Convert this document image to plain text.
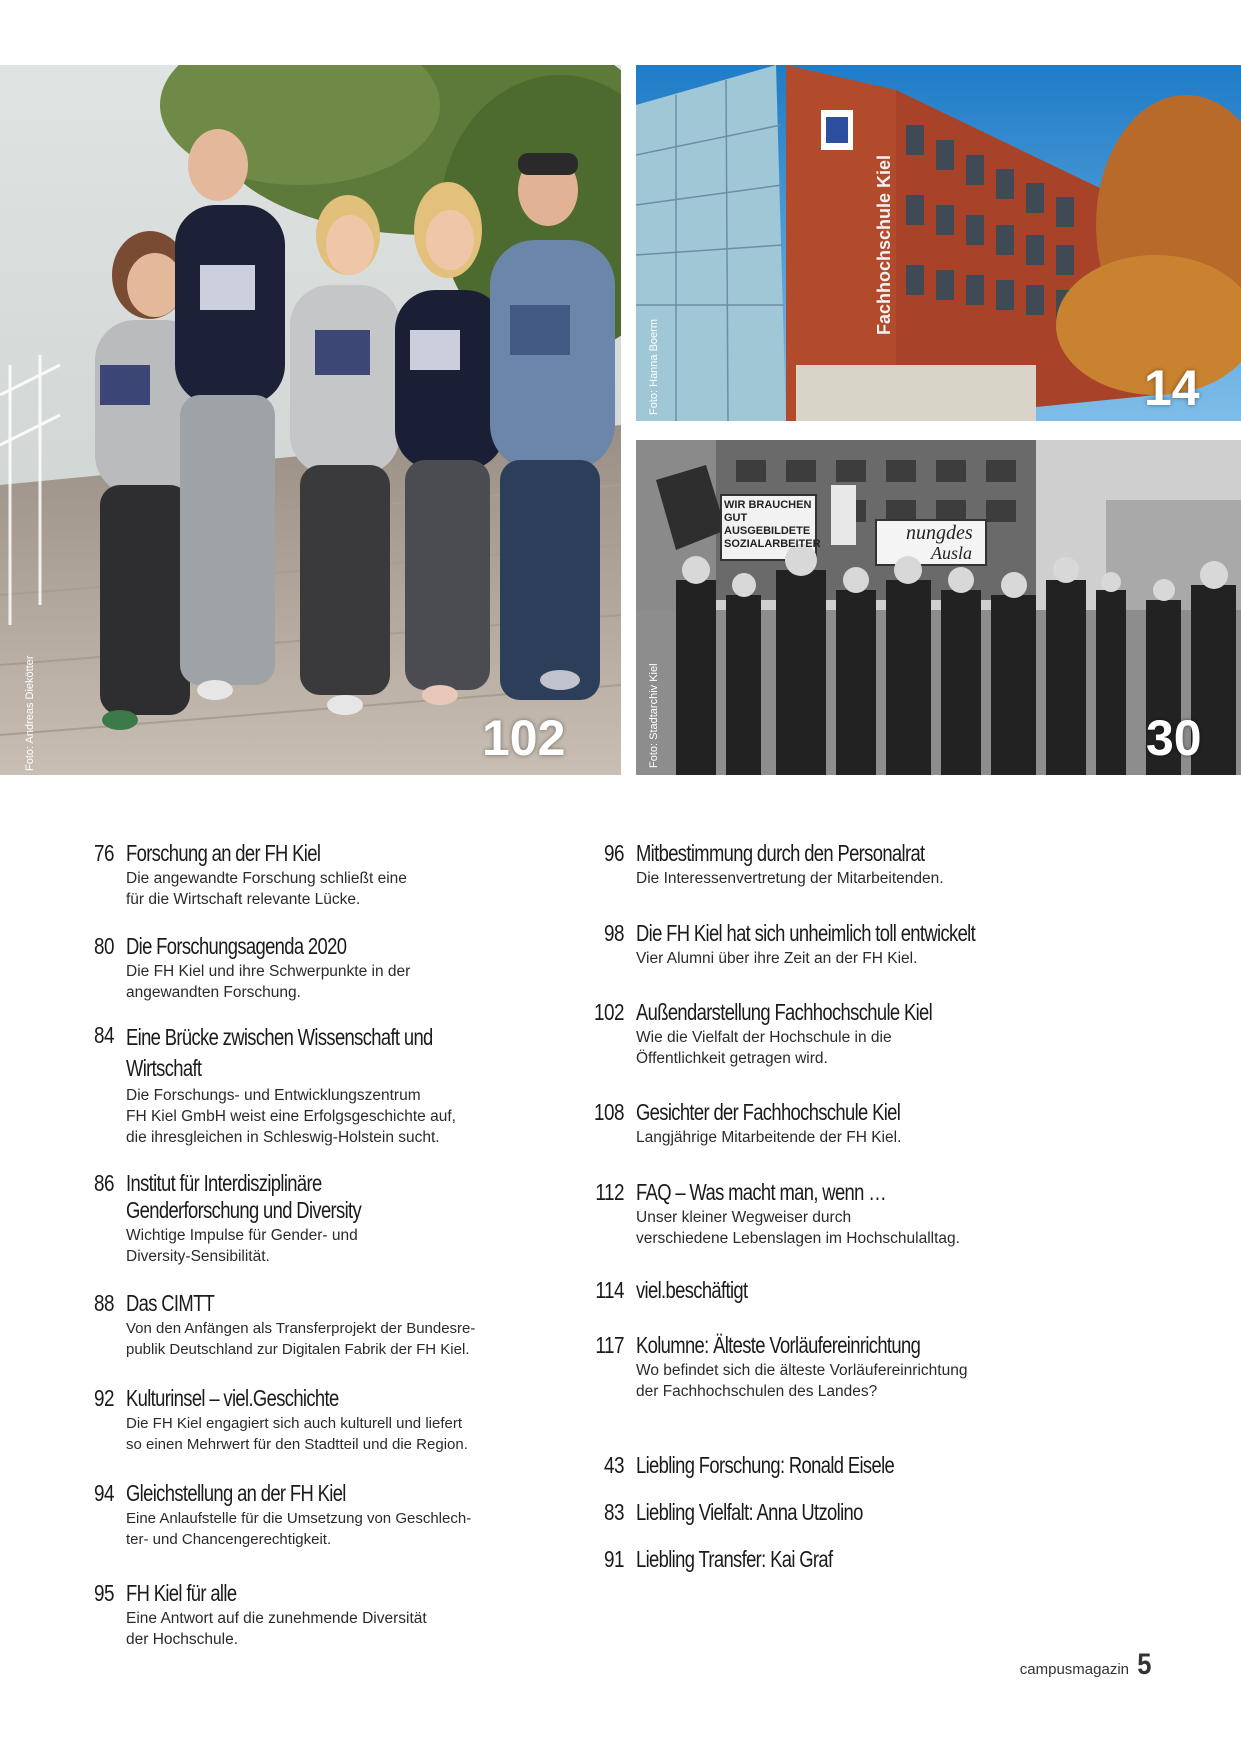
Foto: Andreas Diekötter	102
Fachhochschule Kiel
Foto: Hanna Boerm	14
WIR BRAUCHEN GUT AUSGEBILDETE SOZIALARBEITER	nungdes
Ausla
Foto: Stadtarchiv Kiel	30
76 Forschung an der FH Kiel
Die angewandte Forschung schließt eine
für die Wirtschaft relevante Lücke.
80 Die Forschungsagenda 2020
Die FH Kiel und ihre Schwerpunkte in der
angewandten Forschung.
84 Eine Brücke zwischen Wissenschaft und Wirtschaft
Die Forschungs- und Entwicklungszentrum
FH Kiel GmbH weist eine Erfolgsgeschichte auf,
die ihresgleichen in Schleswig-Holstein sucht.
86 Institut für Interdisziplinäre Genderforschung und Diversity
Wichtige Impulse für Gender- und
Diversity-Sensibilität.
88 Das CIMTT
Von den Anfängen als Transferprojekt der Bundesre-
publik Deutschland zur Digitalen Fabrik der FH Kiel.
92 Kulturinsel – viel.Geschichte
Die FH Kiel engagiert sich auch kulturell und liefert
so einen Mehrwert für den Stadtteil und die Region.
94 Gleichstellung an der FH Kiel
Eine Anlaufstelle für die Umsetzung von Geschlech-
ter- und Chancengerechtigkeit.
95 FH Kiel für alle
Eine Antwort auf die zunehmende Diversität
der Hochschule.
96 Mitbestimmung durch den Personalrat
Die Interessenvertretung der Mitarbeitenden.
98 Die FH Kiel hat sich unheimlich toll entwickelt
Vier Alumni über ihre Zeit an der FH Kiel.
102 Außendarstellung Fachhochschule Kiel
Wie die Vielfalt der Hochschule in die
Öffentlichkeit getragen wird.
108 Gesichter der Fachhochschule Kiel
Langjährige Mitarbeitende der FH Kiel.
112 FAQ – Was macht man, wenn …
Unser kleiner Wegweiser durch
verschiedene Lebenslagen im Hochschulalltag.
114 viel.beschäftigt
117 Kolumne: Älteste Vorläufereinrichtung
Wo befindet sich die älteste Vorläufereinrichtung
der Fachhochschulen des Landes?
43 Liebling Forschung: Ronald Eisele
83 Liebling Vielfalt: Anna Utzolino
91 Liebling Transfer: Kai Graf
campusmagazin 5
